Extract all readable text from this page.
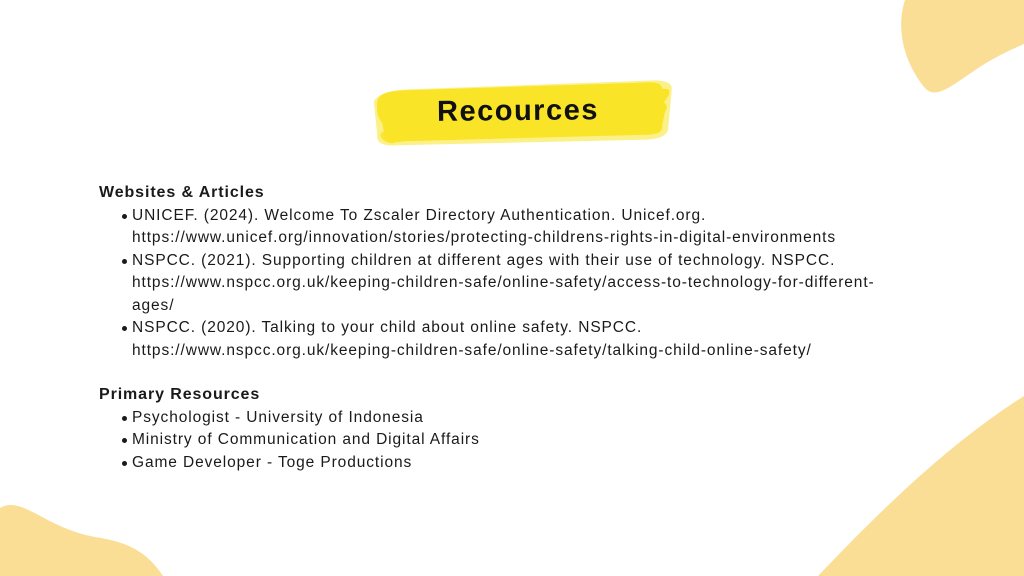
Recources
Websites & Articles
UNICEF. (2024). Welcome To Zscaler Directory Authentication. Unicef.org.
https://www.unicef.org/innovation/stories/protecting-childrens-rights-in-digital-environments
NSPCC. (2021). Supporting children at different ages with their use of technology. NSPCC.
https://www.nspcc.org.uk/keeping-children-safe/online-safety/access-to-technology-for-different-
ages/
NSPCC. (2020). Talking to your child about online safety. NSPCC.
https://www.nspcc.org.uk/keeping-children-safe/online-safety/talking-child-online-safety/
Primary Resources
Psychologist - University of Indonesia
Ministry of Communication and Digital Affairs
Game Developer - Toge Productions
